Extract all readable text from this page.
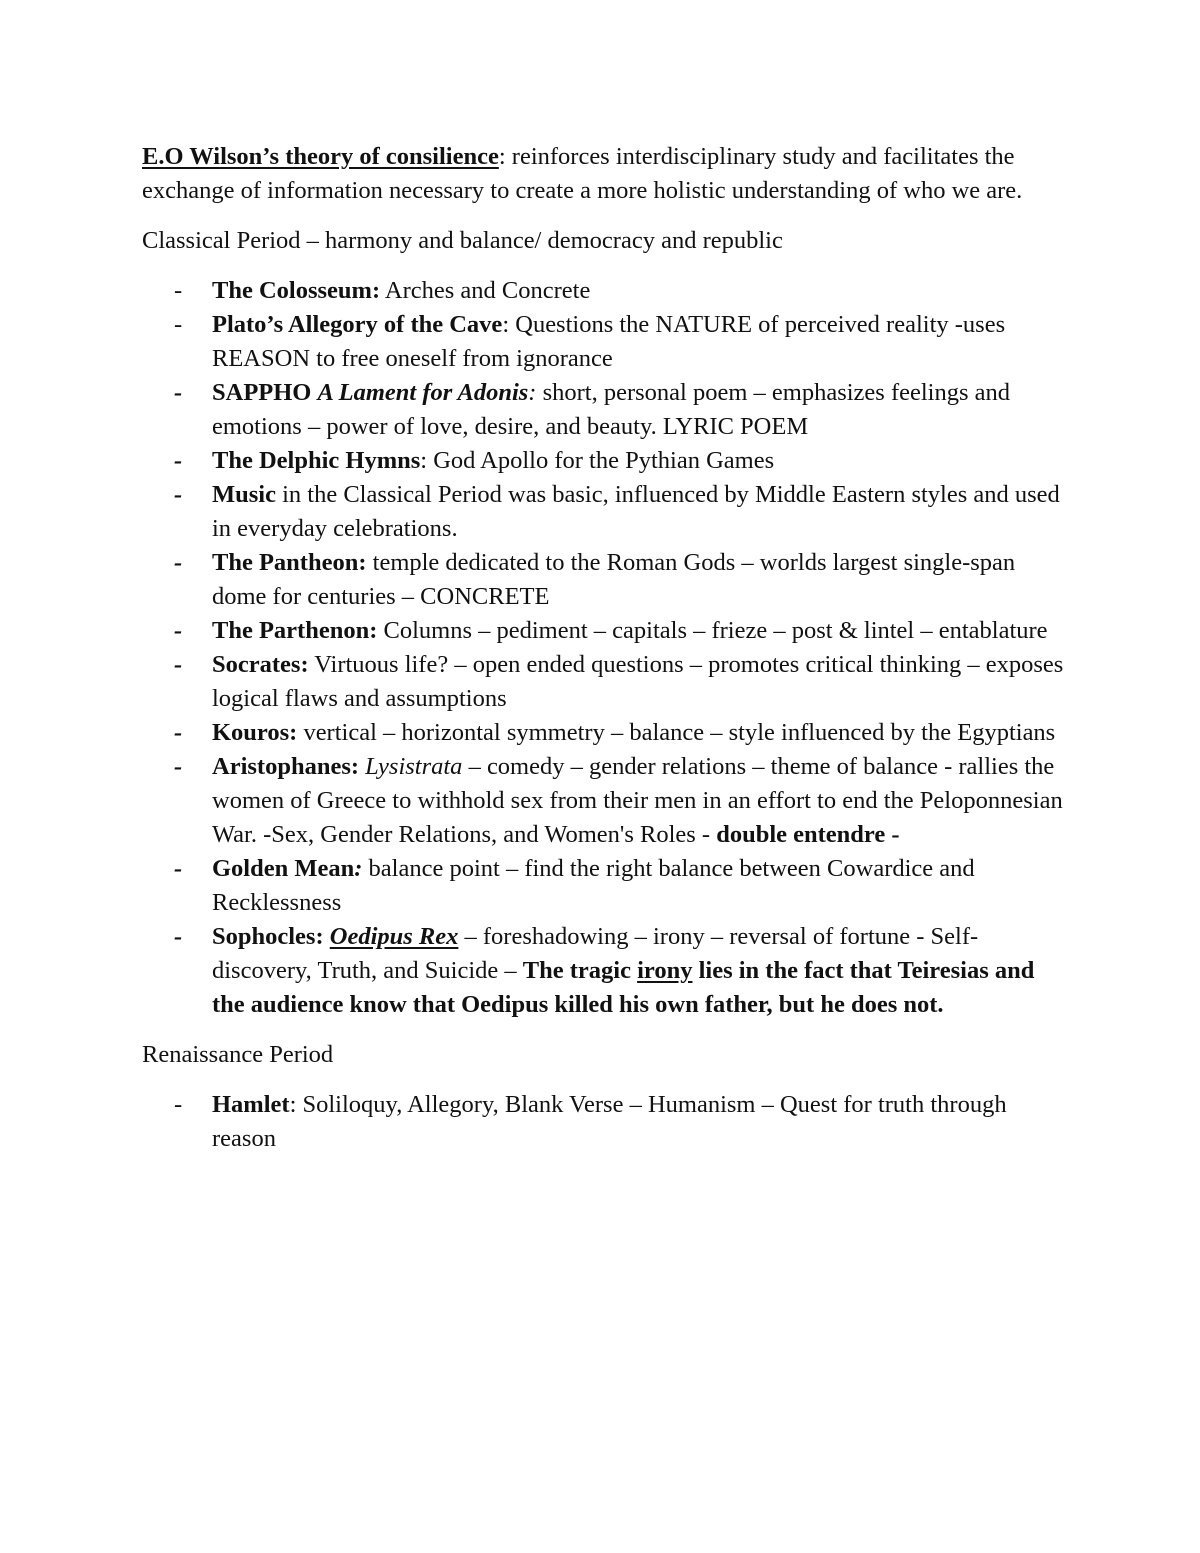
E.O Wilson’s theory of consilience: reinforces interdisciplinary study and facilitates the exchange of information necessary to create a more holistic understanding of who we are.

Classical Period – harmony and balance/ democracy and republic

- The Colosseum: Arches and Concrete
- Plato’s Allegory of the Cave: Questions the NATURE of perceived reality -uses REASON to free oneself from ignorance
- SAPPHO A Lament for Adonis: short, personal poem – emphasizes feelings and emotions – power of love, desire, and beauty. LYRIC POEM
- The Delphic Hymns: God Apollo for the Pythian Games
- Music in the Classical Period was basic, influenced by Middle Eastern styles and used in everyday celebrations.
- The Pantheon: temple dedicated to the Roman Gods – worlds largest single-span dome for centuries – CONCRETE
- The Parthenon: Columns – pediment – capitals – frieze – post & lintel – entablature
- Socrates: Virtuous life? – open ended questions – promotes critical thinking – exposes logical flaws and assumptions
- Kouros: vertical – horizontal symmetry – balance – style influenced by the Egyptians
- Aristophanes: Lysistrata – comedy – gender relations – theme of balance - rallies the women of Greece to withhold sex from their men in an effort to end the Peloponnesian War. -Sex, Gender Relations, and Women's Roles - double entendre -
- Golden Mean: balance point – find the right balance between Cowardice and Recklessness
- Sophocles: Oedipus Rex – foreshadowing – irony – reversal of fortune - Self-discovery, Truth, and Suicide – The tragic irony lies in the fact that Teiresias and the audience know that Oedipus killed his own father, but he does not.

Renaissance Period

- Hamlet: Soliloquy, Allegory, Blank Verse – Humanism – Quest for truth through reason
